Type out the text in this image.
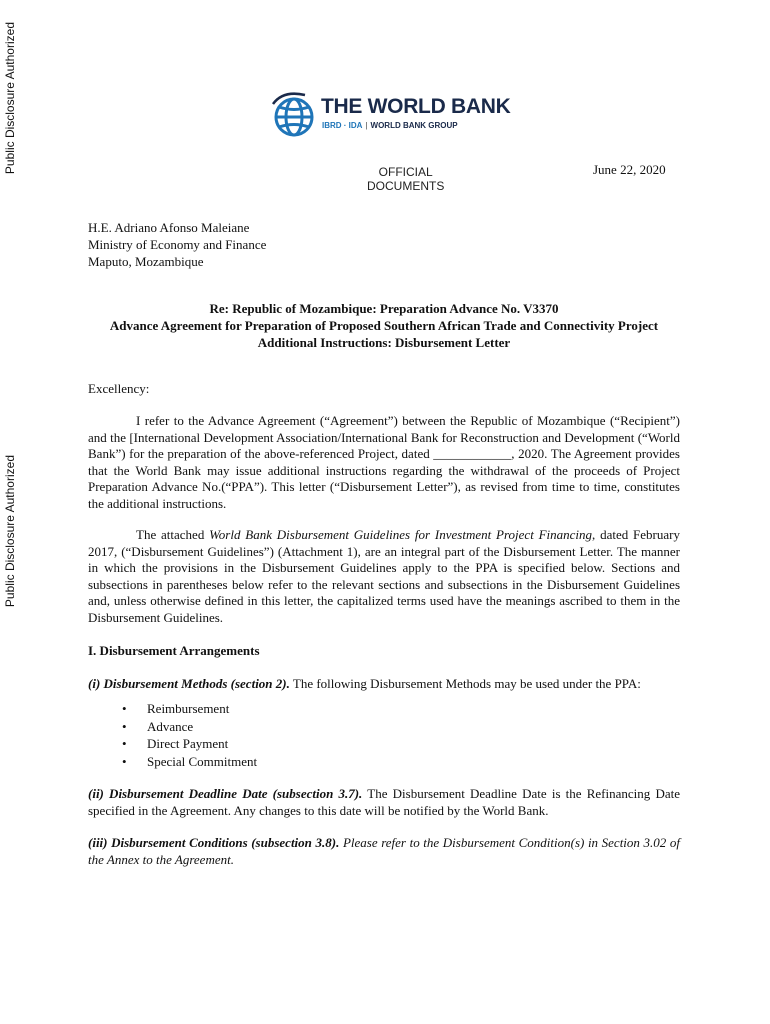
Public Disclosure Authorized
Public Disclosure Authorized
THE WORLD BANK
IBRD · IDA | WORLD BANK GROUP
OFFICIAL
DOCUMENTS
June 22, 2020
H.E. Adriano Afonso Maleiane
Ministry of Economy and Finance
Maputo, Mozambique
Re: Republic of Mozambique: Preparation Advance No. V3370
Advance Agreement for Preparation of Proposed Southern African Trade and Connectivity Project
Additional Instructions: Disbursement Letter
Excellency:

I refer to the Advance Agreement (“Agreement”) between the Republic of Mozambique (“Recipient”) and the [International Development Association/International Bank for Reconstruction and Development (“World Bank”) for the preparation of the above-referenced Project, dated ____________, 2020. The Agreement provides that the World Bank may issue additional instructions regarding the withdrawal of the proceeds of Project Preparation Advance No.(“PPA”). This letter (“Disbursement Letter”), as revised from time to time, constitutes the additional instructions.

The attached World Bank Disbursement Guidelines for Investment Project Financing, dated February 2017, (“Disbursement Guidelines”) (Attachment 1), are an integral part of the Disbursement Letter. The manner in which the provisions in the Disbursement Guidelines apply to the PPA is specified below. Sections and subsections in parentheses below refer to the relevant sections and subsections in the Disbursement Guidelines and, unless otherwise defined in this letter, the capitalized terms used have the meanings ascribed to them in the Disbursement Guidelines.

I. Disbursement Arrangements
(i) Disbursement Methods (section 2). The following Disbursement Methods may be used under the PPA:
• Reimbursement
• Advance
• Direct Payment
• Special Commitment

(ii) Disbursement Deadline Date (subsection 3.7). The Disbursement Deadline Date is the Refinancing Date specified in the Agreement. Any changes to this date will be notified by the World Bank.

(iii) Disbursement Conditions (subsection 3.8). Please refer to the Disbursement Condition(s) in Section 3.02 of the Annex to the Agreement.
